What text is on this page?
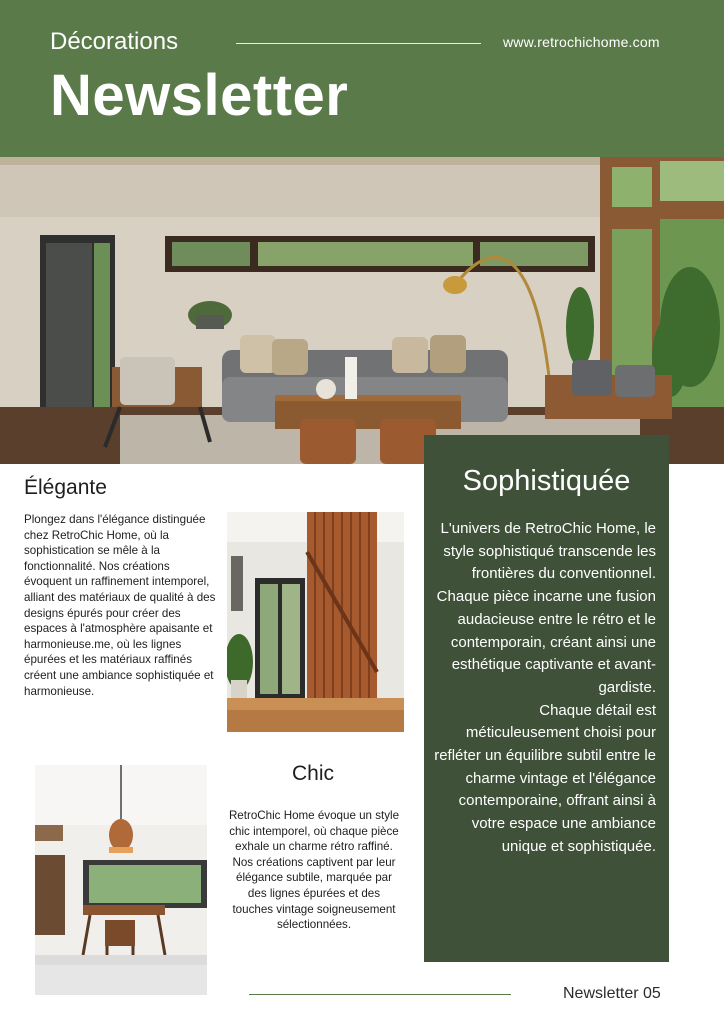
Décorations	www.retrochichome.com
Newsletter
Élégante
Plongez dans l'élégance distinguée chez RetroChic Home, où la sophistication se mêle à la fonctionnalité. Nos créations évoquent un raffinement intemporel, alliant des matériaux de qualité à des designs épurés pour créer des espaces à l'atmosphère apaisante et harmonieuse.me, où les lignes épurées et les matériaux raffinés créent une ambiance sophistiquée et harmonieuse.
Chic
RetroChic Home évoque un style chic intemporel, où chaque pièce exhale un charme rétro raffiné. Nos créations captivent par leur élégance subtile, marquée par des lignes épurées et des touches vintage soigneusement sélectionnées.
Sophistiquée
L'univers de RetroChic Home, le style sophistiqué transcende les frontières du conventionnel. Chaque pièce incarne une fusion audacieuse entre le rétro et le contemporain, créant ainsi une esthétique captivante et avant-gardiste.
Chaque détail est méticuleusement choisi pour refléter un équilibre subtil entre le charme vintage et l'élégance contemporaine, offrant ainsi à votre espace une ambiance unique et sophistiquée.
Newsletter 05
